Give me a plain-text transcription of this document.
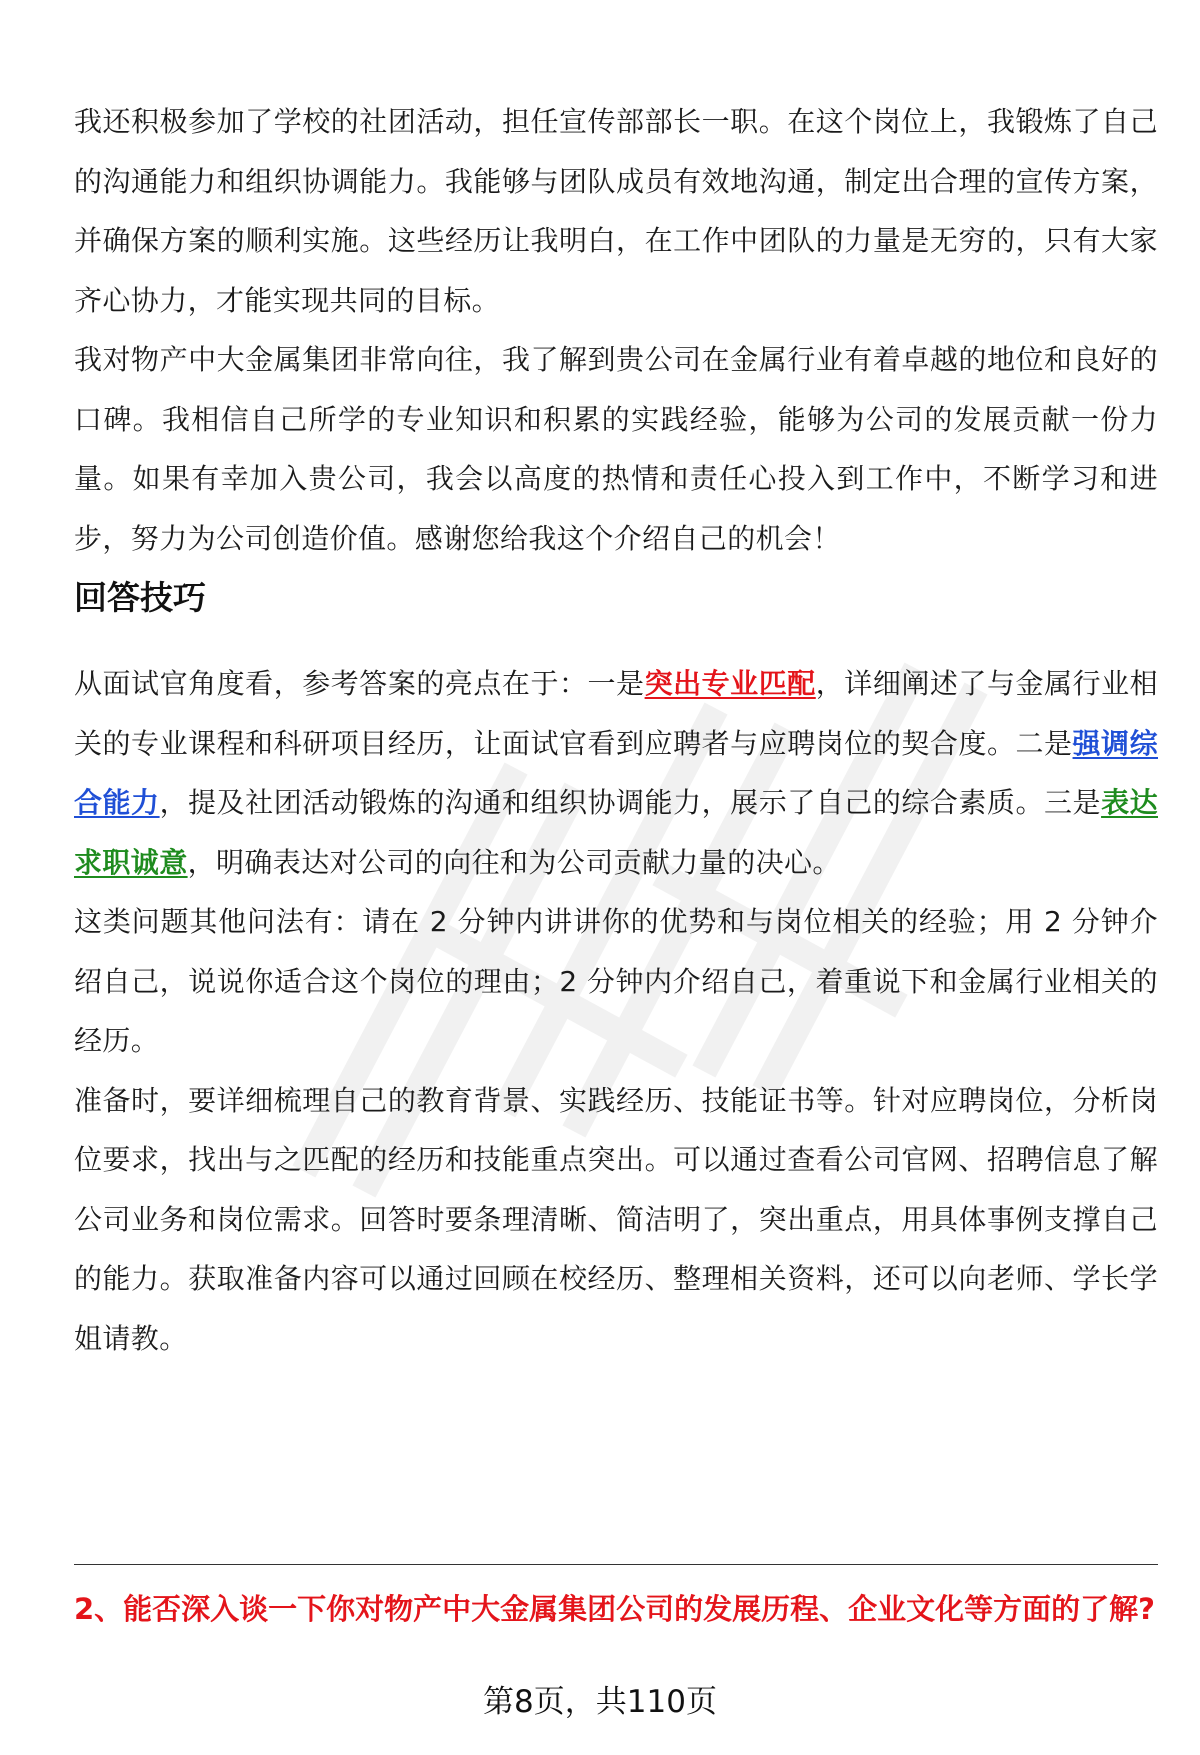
我还积极参加了学校的社团活动，担任宣传部部长一职。在这个岗位上，我锻炼了自己的沟通能力和组织协调能力。我能够与团队成员有效地沟通，制定出合理的宣传方案，并确保方案的顺利实施。这些经历让我明白，在工作中团队的力量是无穷的，只有大家齐心协力，才能实现共同的目标。

我对物产中大金属集团非常向往，我了解到贵公司在金属行业有着卓越的地位和良好的口碑。我相信自己所学的专业知识和积累的实践经验，能够为公司的发展贡献一份力量。如果有幸加入贵公司，我会以高度的热情和责任心投入到工作中，不断学习和进步，努力为公司创造价值。感谢您给我这个介绍自己的机会！

回答技巧

从面试官角度看，参考答案的亮点在于：一是突出专业匹配，详细阐述了与金属行业相关的专业课程和科研项目经历，让面试官看到应聘者与应聘岗位的契合度。二是强调综合能力，提及社团活动锻炼的沟通和组织协调能力，展示了自己的综合素质。三是表达求职诚意，明确表达对公司的向往和为公司贡献力量的决心。

这类问题其他问法有：请在 2 分钟内讲讲你的优势和与岗位相关的经验；用 2 分钟介绍自己，说说你适合这个岗位的理由；2 分钟内介绍自己，着重说下和金属行业相关的经历。

准备时，要详细梳理自己的教育背景、实践经历、技能证书等。针对应聘岗位，分析岗位要求，找出与之匹配的经历和技能重点突出。可以通过查看公司官网、招聘信息了解公司业务和岗位需求。回答时要条理清晰、简洁明了，突出重点，用具体事例支撑自己的能力。获取准备内容可以通过回顾在校经历、整理相关资料，还可以向老师、学长学姐请教。

2、能否深入谈一下你对物产中大金属集团公司的发展历程、企业文化等方面的了解?

第8页，共110页
